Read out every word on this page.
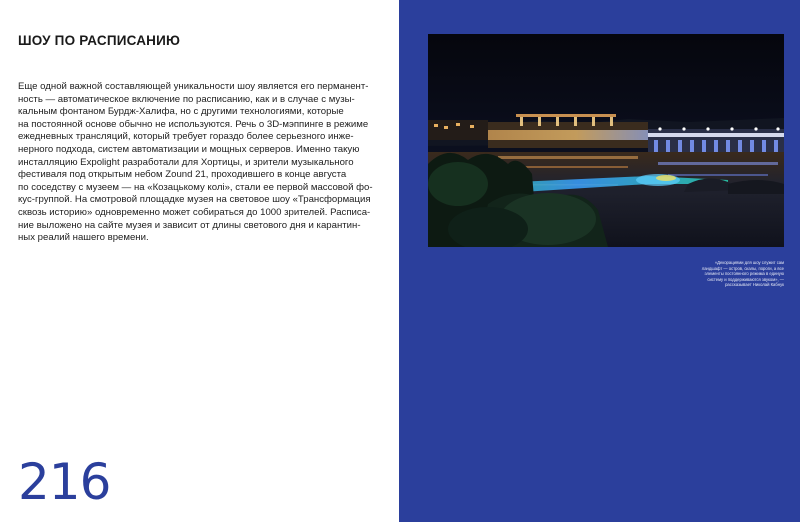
ШОУ ПО РАСПИСАНИЮ
Еще одной важной составляющей уникальности шоу является его перманент-
ность — автоматическое включение по расписанию, как и в случае с музы-
кальным фонтаном Бурдж-Халифа, но с другими технологиями, которые
на постоянной основе обычно не используются. Речь о 3D-мэппинге в режиме
ежедневных трансляций, который требует гораздо более серьезного инже-
нерного подхода, систем автоматизации и мощных серверов. Именно такую
инсталляцию Expolight разработали для Хортицы, и зрители музыкального
фестиваля под открытым небом Zound 21, проходившего в конце августа
по соседству с музеем — на «Козацькому колі», стали ее первой массовой фо-
кус-группой. На смотровой площадке музея на световое шоу «Трансформация
сквозь историю» одновременно может собираться до 1000 зрителей. Расписа-
ние выложено на сайте музея и зависит от длины светового дня и карантин-
ных реалий нашего времени.
216
«Декорациями для шоу служит сам
ландшафт — остров, скалы, пороги, а все
элементы постоянного режима в единую
систему и поддерживаются звуком», —
рассказывает Николай Кабнук
